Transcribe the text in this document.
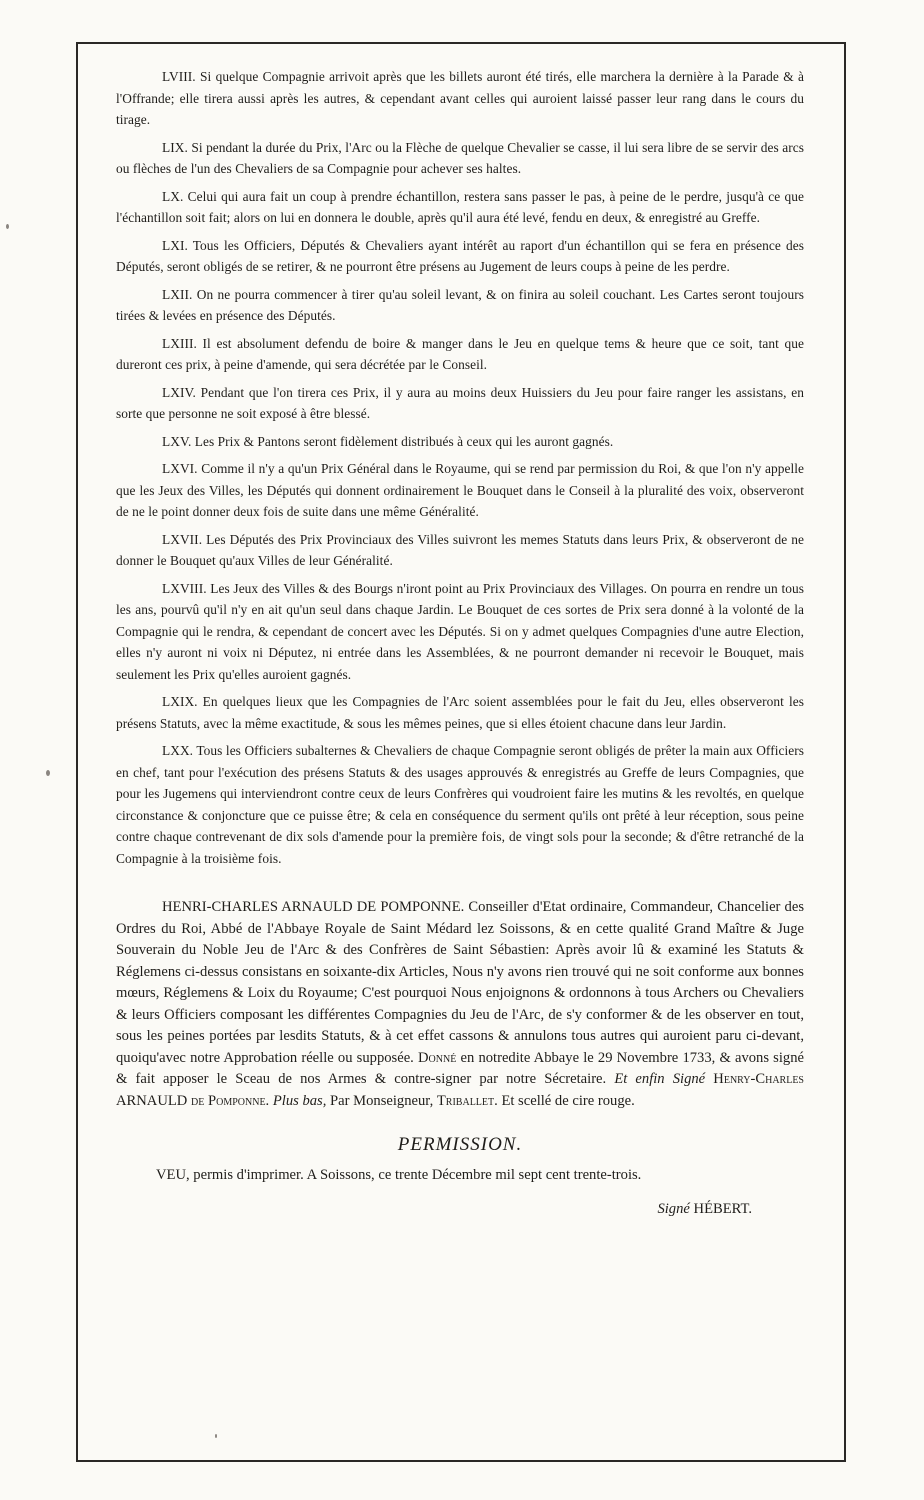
LVIII. Si quelque Compagnie arrivoit après que les billets auront été tirés, elle marchera la dernière à la Parade & à l'Offrande; elle tirera aussi après les autres, & cependant avant celles qui auroient laissé passer leur rang dans le cours du tirage.

LIX. Si pendant la durée du Prix, l'Arc ou la Flèche de quelque Chevalier se casse, il lui sera libre de se servir des arcs ou flèches de l'un des Chevaliers de sa Compagnie pour achever ses haltes.

LX. Celui qui aura fait un coup à prendre échantillon, restera sans passer le pas, à peine de le perdre, jusqu'à ce que l'échantillon soit fait; alors on lui en donnera le double, après qu'il aura été levé, fendu en deux, & enregistré au Greffe.

LXI. Tous les Officiers, Députés & Chevaliers ayant intérêt au raport d'un échantillon qui se fera en présence des Députés, seront obligés de se retirer, & ne pourront être présens au Jugement de leurs coups à peine de les perdre.

LXII. On ne pourra commencer à tirer qu'au soleil levant, & on finira au soleil couchant. Les Cartes seront toujours tirées & levées en présence des Députés.

LXIII. Il est absolument defendu de boire & manger dans le Jeu en quelque tems & heure que ce soit, tant que dureront ces prix, à peine d'amende, qui sera décrétée par le Conseil.

LXIV. Pendant que l'on tirera ces Prix, il y aura au moins deux Huissiers du Jeu pour faire ranger les assistans, en sorte que personne ne soit exposé à être blessé.

LXV. Les Prix & Pantons seront fidèlement distribués à ceux qui les auront gagnés.

LXVI. Comme il n'y a qu'un Prix Général dans le Royaume, qui se rend par permission du Roi, & que l'on n'y appelle que les Jeux des Villes, les Députés qui donnent ordinairement le Bouquet dans le Conseil à la pluralité des voix, observeront de ne le point donner deux fois de suite dans une même Généralité.

LXVII. Les Députés des Prix Provinciaux des Villes suivront les memes Statuts dans leurs Prix, & observeront de ne donner le Bouquet qu'aux Villes de leur Généralité.

LXVIII. Les Jeux des Villes & des Bourgs n'iront point au Prix Provinciaux des Villages. On pourra en rendre un tous les ans, pourvû qu'il n'y en ait qu'un seul dans chaque Jardin. Le Bouquet de ces sortes de Prix sera donné à la volonté de la Compagnie qui le rendra, & cependant de concert avec les Députés. Si on y admet quelques Compagnies d'une autre Election, elles n'y auront ni voix ni Députez, ni entrée dans les Assemblées, & ne pourront demander ni recevoir le Bouquet, mais seulement les Prix qu'elles auroient gagnés.

LXIX. En quelques lieux que les Compagnies de l'Arc soient assemblées pour le fait du Jeu, elles observeront les présens Statuts, avec la même exactitude, & sous les mêmes peines, que si elles étoient chacune dans leur Jardin.

LXX. Tous les Officiers subalternes & Chevaliers de chaque Compagnie seront obligés de prêter la main aux Officiers en chef, tant pour l'exécution des présens Statuts & des usages approuvés & enregistrés au Greffe de leurs Compagnies, que pour les Jugemens qui interviendront contre ceux de leurs Confrères qui voudroient faire les mutins & les revoltés, en quelque circonstance & conjoncture que ce puisse être; & cela en conséquence du serment qu'ils ont prêté à leur réception, sous peine contre chaque contrevenant de dix sols d'amende pour la première fois, de vingt sols pour la seconde; & d'être retranché de la Compagnie à la troisième fois.

HENRI-CHARLES ARNAULD DE POMPONNE. Conseiller d'Etat ordinaire, Commandeur, Chancelier des Ordres du Roi, Abbé de l'Abbaye Royale de Saint Médard lez Soissons, & en cette qualité Grand Maître & Juge Souverain du Noble Jeu de l'Arc & des Confrères de Saint Sébastien: Après avoir lû & examiné les Statuts & Réglemens ci-dessus consistans en soixante-dix Articles, Nous n'y avons rien trouvé qui ne soit conforme aux bonnes mœurs, Réglemens & Loix du Royaume; C'est pourquoi Nous enjoignons & ordonnons à tous Archers ou Chevaliers & leurs Officiers composant les différentes Compagnies du Jeu de l'Arc, de s'y conformer & de les observer en tout, sous les peines portées par lesdits Statuts, & à cet effet cassons & annulons tous autres qui auroient paru ci-devant, quoiqu'avec notre Approbation réelle ou supposée. Donné en notredite Abbaye le 29 Novembre 1733, & avons signé & fait apposer le Sceau de nos Armes & contre-signer par notre Sécretaire. Et enfin Signé Henry-Charles ARNAULD de Pomponne. Plus bas, Par Monseigneur, Triballet. Et scellé de cire rouge.

PERMISSION.

VEU, permis d'imprimer. A Soissons, ce trente Décembre mil sept cent trente-trois.

Signé HÉBERT.
